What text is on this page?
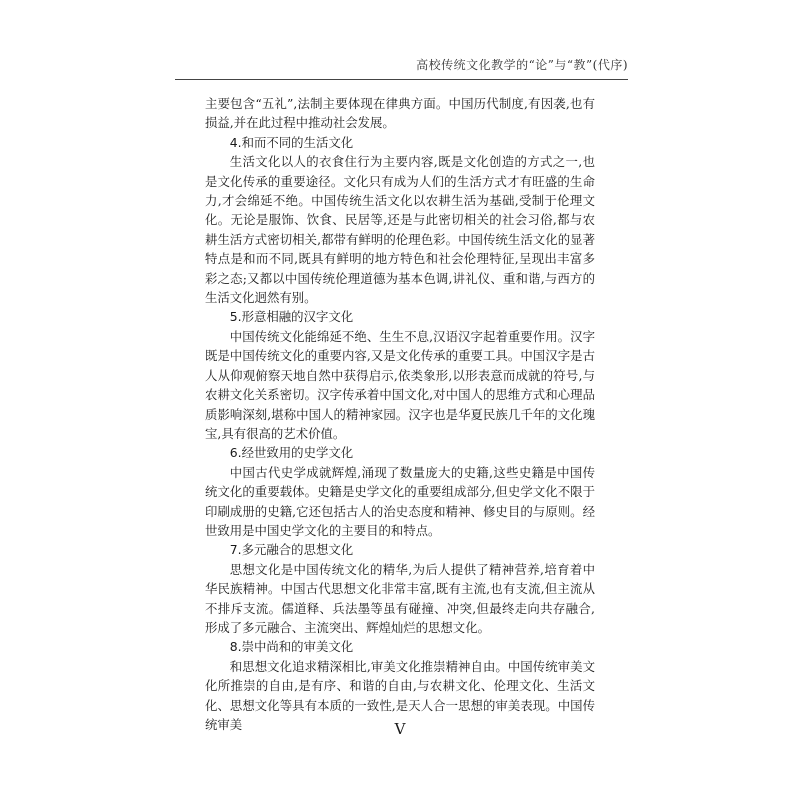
高校传统文化教学的“论”与“教”(代序)

主要包含“五礼”,法制主要体现在律典方面。中国历代制度,有因袭,也有损益,并在此过程中推动社会发展。

4.和而不同的生活文化

生活文化以人的衣食住行为主要内容,既是文化创造的方式之一,也是文化传承的重要途径。文化只有成为人们的生活方式才有旺盛的生命力,才会绵延不绝。中国传统生活文化以农耕生活为基础,受制于伦理文化。无论是服饰、饮食、民居等,还是与此密切相关的社会习俗,都与农耕生活方式密切相关,都带有鲜明的伦理色彩。中国传统生活文化的显著特点是和而不同,既具有鲜明的地方特色和社会伦理特征,呈现出丰富多彩之态;又都以中国传统伦理道德为基本色调,讲礼仪、重和谐,与西方的生活文化迥然有别。

5.形意相融的汉字文化

中国传统文化能绵延不绝、生生不息,汉语汉字起着重要作用。汉字既是中国传统文化的重要内容,又是文化传承的重要工具。中国汉字是古人从仰观俯察天地自然中获得启示,依类象形,以形表意而成就的符号,与农耕文化关系密切。汉字传承着中国文化,对中国人的思维方式和心理品质影响深刻,堪称中国人的精神家园。汉字也是华夏民族几千年的文化瑰宝,具有很高的艺术价值。

6.经世致用的史学文化

中国古代史学成就辉煌,涌现了数量庞大的史籍,这些史籍是中国传统文化的重要载体。史籍是史学文化的重要组成部分,但史学文化不限于印刷成册的史籍,它还包括古人的治史态度和精神、修史目的与原则。经世致用是中国史学文化的主要目的和特点。

7.多元融合的思想文化

思想文化是中国传统文化的精华,为后人提供了精神营养,培育着中华民族精神。中国古代思想文化非常丰富,既有主流,也有支流,但主流从不排斥支流。儒道释、兵法墨等虽有碰撞、冲突,但最终走向共存融合,形成了多元融合、主流突出、辉煌灿烂的思想文化。

8.崇中尚和的审美文化

和思想文化追求精深相比,审美文化推崇精神自由。中国传统审美文化所推崇的自由,是有序、和谐的自由,与农耕文化、伦理文化、生活文化、思想文化等具有本质的一致性,是天人合一思想的审美表现。中国传统审美	V
